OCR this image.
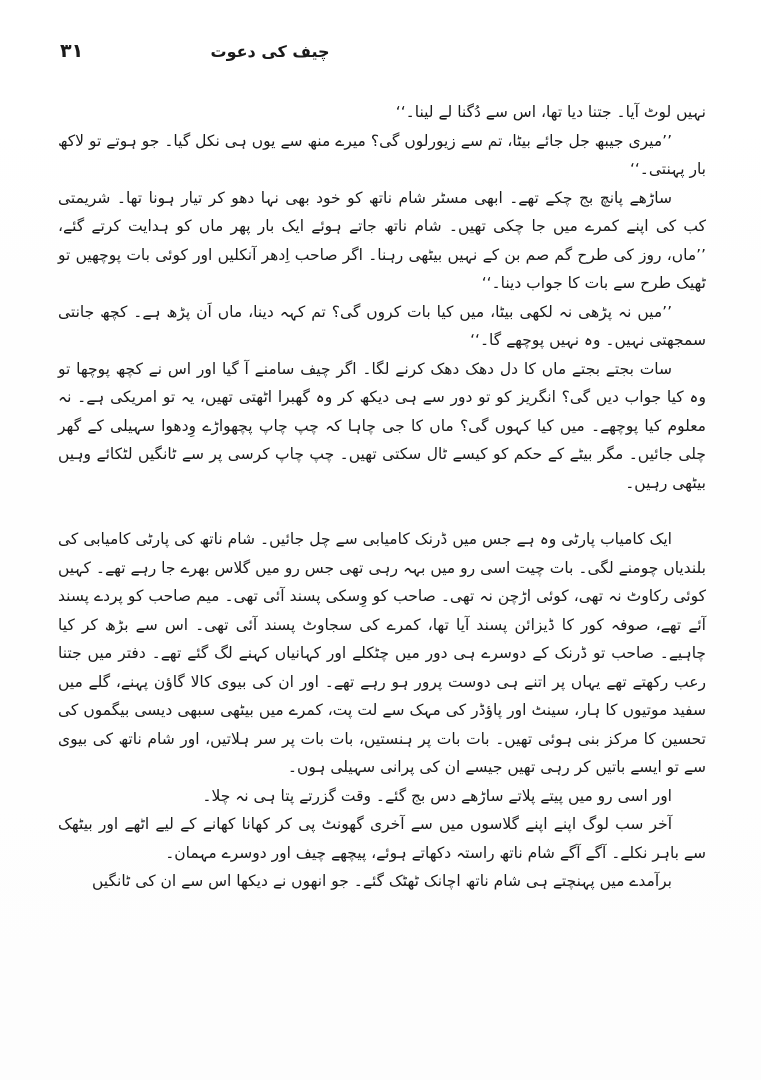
۳۱	چیف کی دعوت

نہیں لوٹ آیا۔ جتنا دیا تھا، اس سے دُگنا لے لینا۔‘‘

’’میری جیبھ جل جائے بیٹا، تم سے زیورلوں گی؟ میرے منھ سے یوں ہی نکل گیا۔ جو ہوتے تو لاکھ بار پہنتی۔‘‘

ساڑھے پانچ بج چکے تھے۔ ابھی مسٹر شام ناتھ کو خود بھی نہا دھو کر تیار ہونا تھا۔ شریمتی کب کی اپنے کمرے میں جا چکی تھیں۔ شام ناتھ جاتے ہوئے ایک بار پھر ماں کو ہدایت کرتے گئے، ’’ماں، روز کی طرح گم صم بن کے نہیں بیٹھی رہنا۔ اگر صاحب اِدھر آنکلیں اور کوئی بات پوچھیں تو ٹھیک طرح سے بات کا جواب دینا۔‘‘

’’میں نہ پڑھی نہ لکھی بیٹا، میں کیا بات کروں گی؟ تم کہہ دینا، ماں اَن پڑھ ہے۔ کچھ جانتی سمجھتی نہیں۔ وہ نہیں پوچھے گا۔‘‘

سات بجتے بجتے ماں کا دل دھک دھک کرنے لگا۔ اگر چیف سامنے آ گیا اور اس نے کچھ پوچھا تو وہ کیا جواب دیں گی؟ انگریز کو تو دور سے ہی دیکھ کر وہ گھبرا اٹھتی تھیں، یہ تو امریکی ہے۔ نہ معلوم کیا پوچھے۔ میں کیا کہوں گی؟ ماں کا جی چاہا کہ چپ چاپ پچھواڑے وِدھوا سہیلی کے گھر چلی جائیں۔ مگر بیٹے کے حکم کو کیسے ٹال سکتی تھیں۔ چپ چاپ کرسی پر سے ٹانگیں لٹکائے وہیں بیٹھی رہیں۔

ایک کامیاب پارٹی وہ ہے جس میں ڈرنک کامیابی سے چل جائیں۔ شام ناتھ کی پارٹی کامیابی کی بلندیاں چومنے لگی۔ بات چیت اسی رو میں بہہ رہی تھی جس رو میں گلاس بھرے جا رہے تھے۔ کہیں کوئی رکاوٹ نہ تھی، کوئی اڑچن نہ تھی۔ صاحب کو وِسکی پسند آئی تھی۔ میم صاحب کو پردے پسند آئے تھے، صوفہ کور کا ڈیزائن پسند آیا تھا، کمرے کی سجاوٹ پسند آئی تھی۔ اس سے بڑھ کر کیا چاہیے۔ صاحب تو ڈرنک کے دوسرے ہی دور میں چٹکلے اور کہانیاں کہنے لگ گئے تھے۔ دفتر میں جتنا رعب رکھتے تھے یہاں پر اتنے ہی دوست پرور ہو رہے تھے۔ اور ان کی بیوی کالا گاؤن پہنے، گلے میں سفید موتیوں کا ہار، سینٹ اور پاؤڈر کی مہک سے لت پت، کمرے میں بیٹھی سبھی دیسی بیگموں کی تحسین کا مرکز بنی ہوئی تھیں۔ بات بات پر ہنستیں، بات بات پر سر ہلاتیں، اور شام ناتھ کی بیوی سے تو ایسے باتیں کر رہی تھیں جیسے ان کی پرانی سہیلی ہوں۔

اور اسی رو میں پیتے پلاتے ساڑھے دس بج گئے۔ وقت گزرتے پتا ہی نہ چلا۔

آخر سب لوگ اپنے اپنے گلاسوں میں سے آخری گھونٹ پی کر کھانا کھانے کے لیے اٹھے اور بیٹھک سے باہر نکلے۔ آگے آگے شام ناتھ راستہ دکھاتے ہوئے، پیچھے چیف اور دوسرے مہمان۔

برآمدے میں پہنچتے ہی شام ناتھ اچانک ٹھٹک گئے۔ جو انھوں نے دیکھا اس سے ان کی ٹانگیں
